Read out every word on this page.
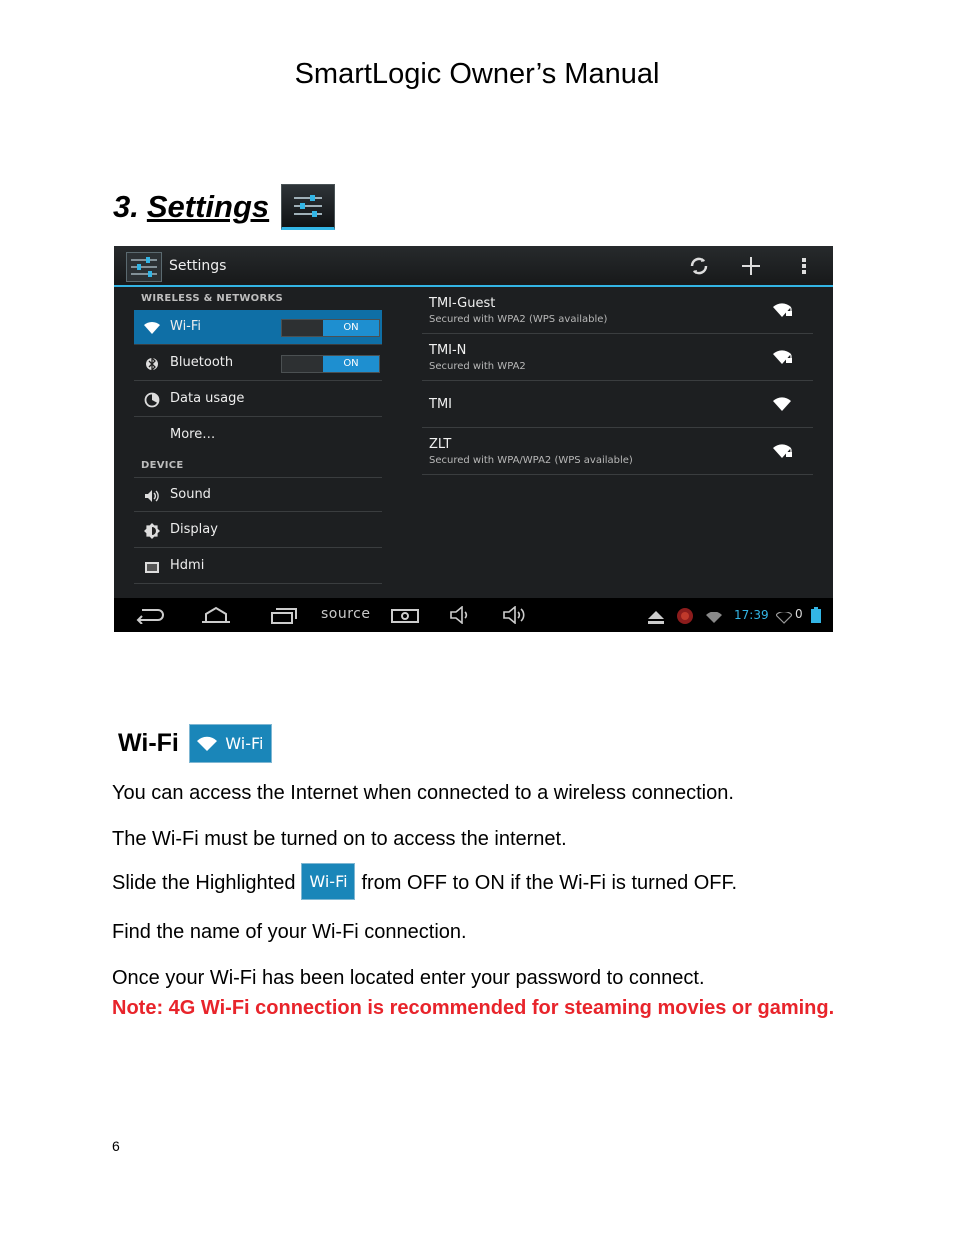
SmartLogic Owner’s Manual
3. Settings
Settings
WIRELESS & NETWORKS
Wi-Fi	ON
Bluetooth	ON
Data usage
More…
DEVICE
Sound
Display
Hdmi
TMI-Guest
Secured with WPA2 (WPS available)
TMI-N
Secured with WPA2
TMI
ZLT
Secured with WPA/WPA2 (WPS available)
source	17:39 0
Wi-Fi	Wi-Fi
You can access the Internet when connected to a wireless connection.
The Wi-Fi must be turned on to access the internet.
Slide the Highlighted Wi-Fi from OFF to ON if the Wi-Fi is turned OFF.
Find the name of your Wi-Fi connection.
Once your Wi-Fi has been located enter your password to connect.
Note: 4G Wi-Fi connection is recommended for steaming movies or gaming.
6
